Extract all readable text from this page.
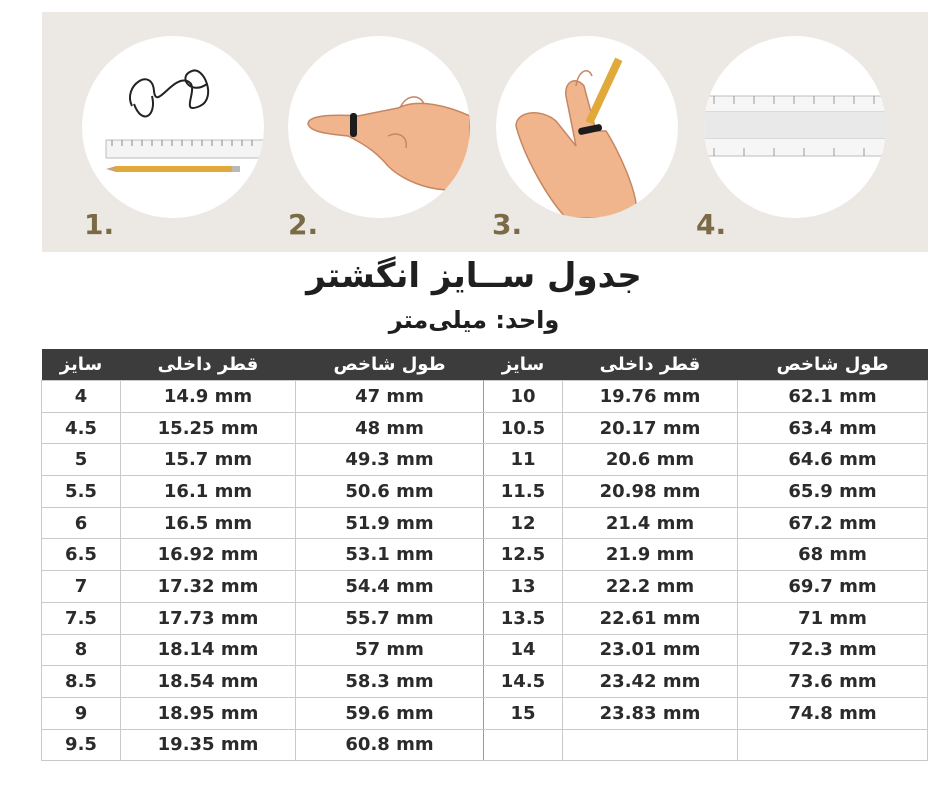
1.	2.	3.	4.
جدول ســایز انگشتر
واحد: میلی‌متر
سایز	قطر داخلی	طول شاخص	سایز	قطر داخلی	طول شاخص
4	14.9 mm	47 mm	10	19.76 mm	62.1 mm
4.5	15.25 mm	48 mm	10.5	20.17 mm	63.4 mm
5	15.7 mm	49.3 mm	11	20.6 mm	64.6 mm
5.5	16.1 mm	50.6 mm	11.5	20.98 mm	65.9 mm
6	16.5 mm	51.9 mm	12	21.4 mm	67.2 mm
6.5	16.92 mm	53.1 mm	12.5	21.9 mm	68 mm
7	17.32 mm	54.4 mm	13	22.2 mm	69.7 mm
7.5	17.73 mm	55.7 mm	13.5	22.61 mm	71 mm
8	18.14 mm	57 mm	14	23.01 mm	72.3 mm
8.5	18.54 mm	58.3 mm	14.5	23.42 mm	73.6 mm
9	18.95 mm	59.6 mm	15	23.83 mm	74.8 mm
9.5	19.35 mm	60.8 mm			
